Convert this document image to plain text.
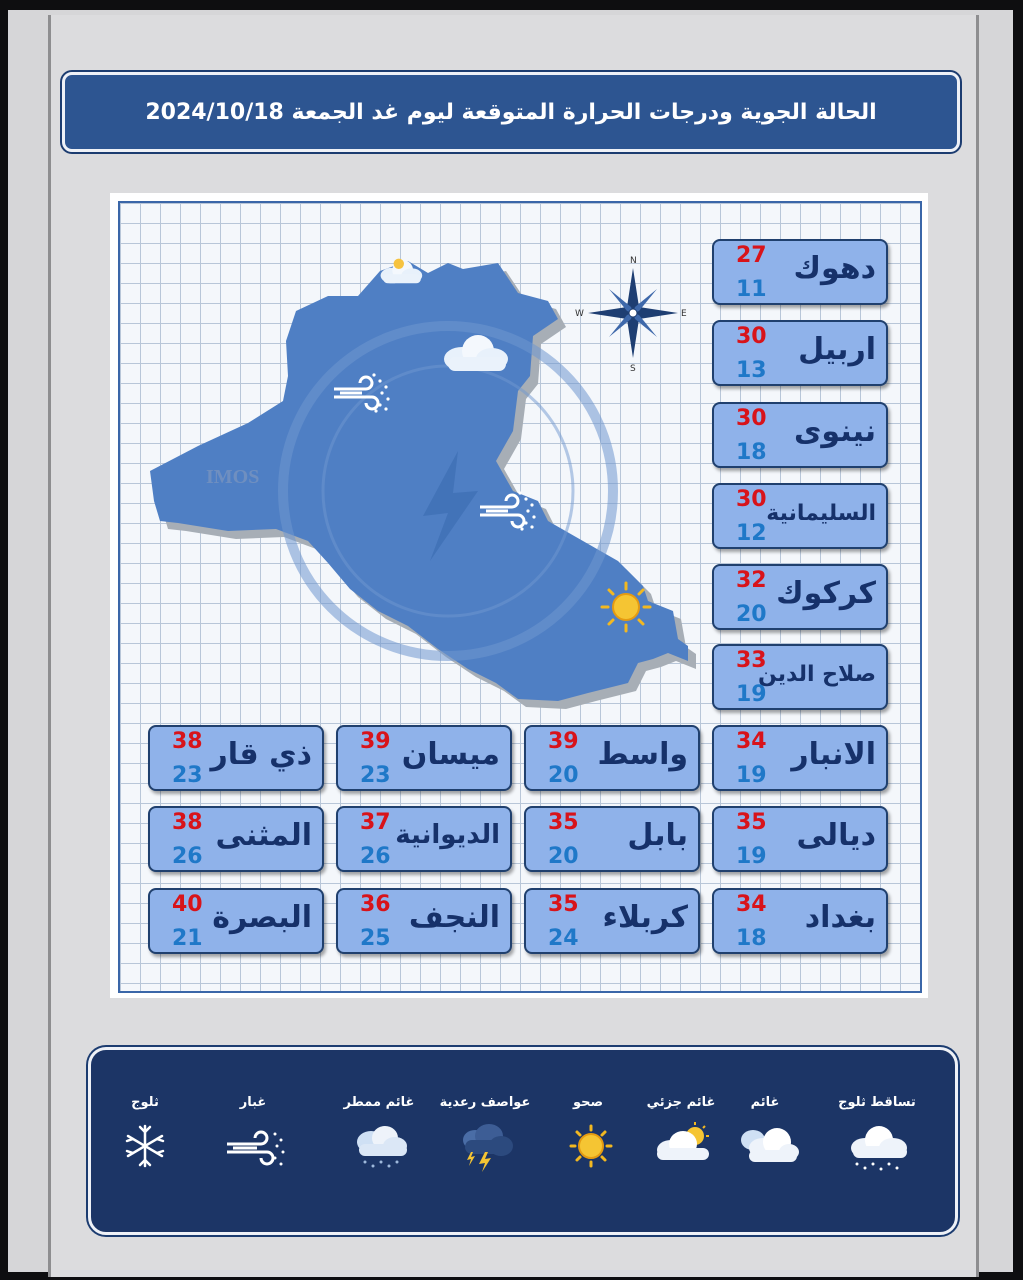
الحالة الجوية ودرجات الحرارة المتوقعة ليوم غد الجمعة 2024/10/18
IMOS
N
S
E
W
دهوك
27
11
اربيل
30
13
نينوى
30
18
السليمانية
30
12
كركوك
32
20
صلاح الدين
33
19
الانبار
34
19
واسط
39
20
ميسان
39
23
ذي قار
38
23
ديالى
35
19
بابل
35
20
الديوانية
37
26
المثنى
38
26
بغداد
34
18
كربلاء
35
24
النجف
36
25
البصرة
40
21
تساقط ثلوج
غائم
غائم جزئي
صحو
عواصف رعدية
غائم ممطر
غبار
ثلوج
